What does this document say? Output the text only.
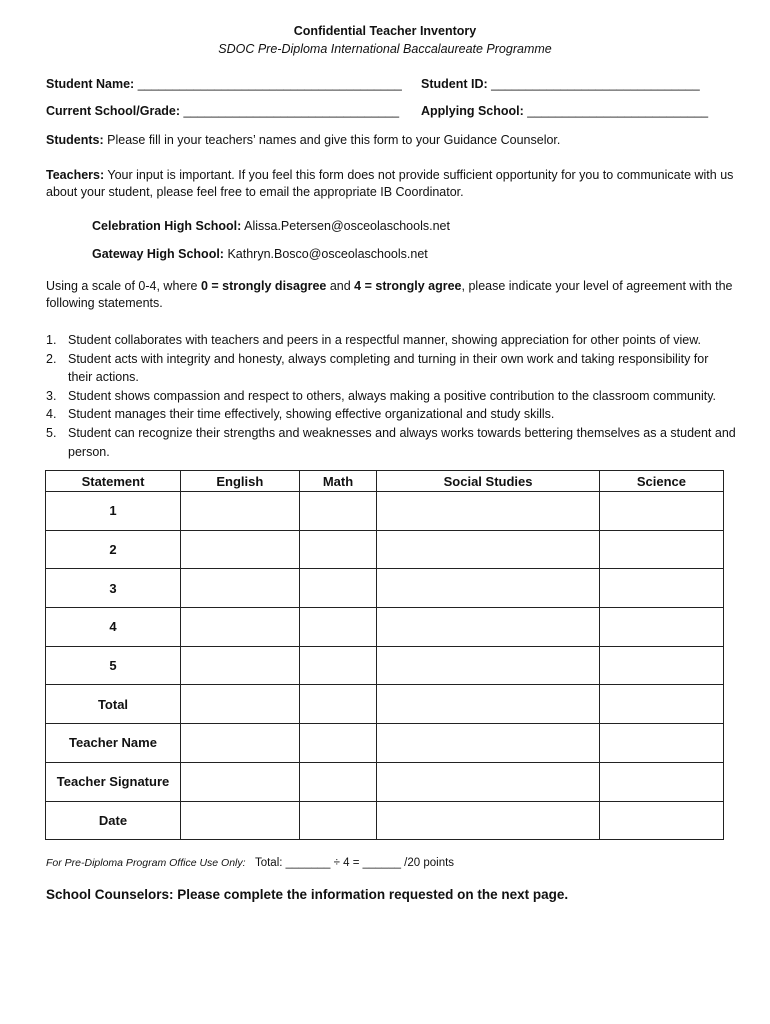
Confidential Teacher Inventory
SDOC Pre-Diploma International Baccalaureate Programme
Student Name: ______________________________________ Student ID: ______________________________
Current School/Grade: _______________________________ Applying School: __________________________
Students: Please fill in your teachers’ names and give this form to your Guidance Counselor.
Teachers: Your input is important. If you feel this form does not provide sufficient opportunity for you to communicate with us about your student, please feel free to email the appropriate IB Coordinator.
Celebration High School: Alissa.Petersen@osceolaschools.net
Gateway High School: Kathryn.Bosco@osceolaschools.net
Using a scale of 0-4, where 0 = strongly disagree and 4 = strongly agree, please indicate your level of agreement with the following statements.
1. Student collaborates with teachers and peers in a respectful manner, showing appreciation for other points of view.
2. Student acts with integrity and honesty, always completing and turning in their own work and taking responsibility for their actions.
3. Student shows compassion and respect to others, always making a positive contribution to the classroom community.
4. Student manages their time effectively, showing effective organizational and study skills.
5. Student can recognize their strengths and weaknesses and always works towards bettering themselves as a student and person.
Statement	English	Math	Social Studies	Science
1				
2				
3				
4				
5				
Total				
Teacher Name				
Teacher Signature				
Date				
For Pre-Diploma Program Office Use Only: Total: _______ ÷ 4 = ______ /20 points
School Counselors: Please complete the information requested on the next page.
